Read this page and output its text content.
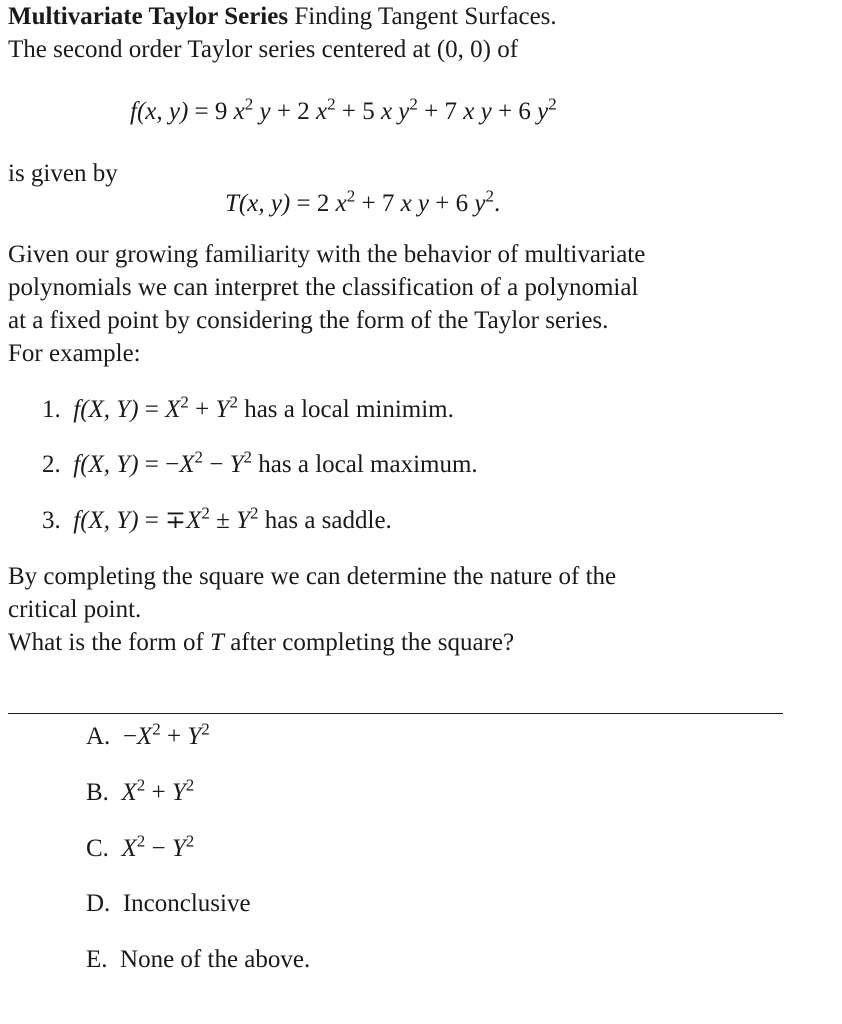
Multivariate Taylor Series Finding Tangent Surfaces.
The second order Taylor series centered at (0, 0) of
f(x, y) = 9 $x^2$ y + 2 $x^2 + 5$ x $y^2 + 7$ x y + 6 $y^2$
is given by
T(x, y) = 2 $x^2 + 7$ x y + 6 $y^2$.
Given our growing familiarity with the behavior of multivariate
polynomials we can interpret the classification of a polynomial
at a fixed point by considering the form of the Taylor series.
For example:
1. f(X, $Y) = X^2 + Y^2$ has a local minimim.
2. f(X, $Y) = -X^2 - Y^2$ has a local maximum.
3. f(X, $Y) = \mp X^2 \pm Y^2$ has a saddle.
By completing the square we can determine the nature of the
critical point.
What is the form of T after completing the square?
A. $-X^2 + Y^2$
B. $X^2 + Y^2$
C. $X^2 - Y^2$
D. Inconclusive
E. None of the above.
